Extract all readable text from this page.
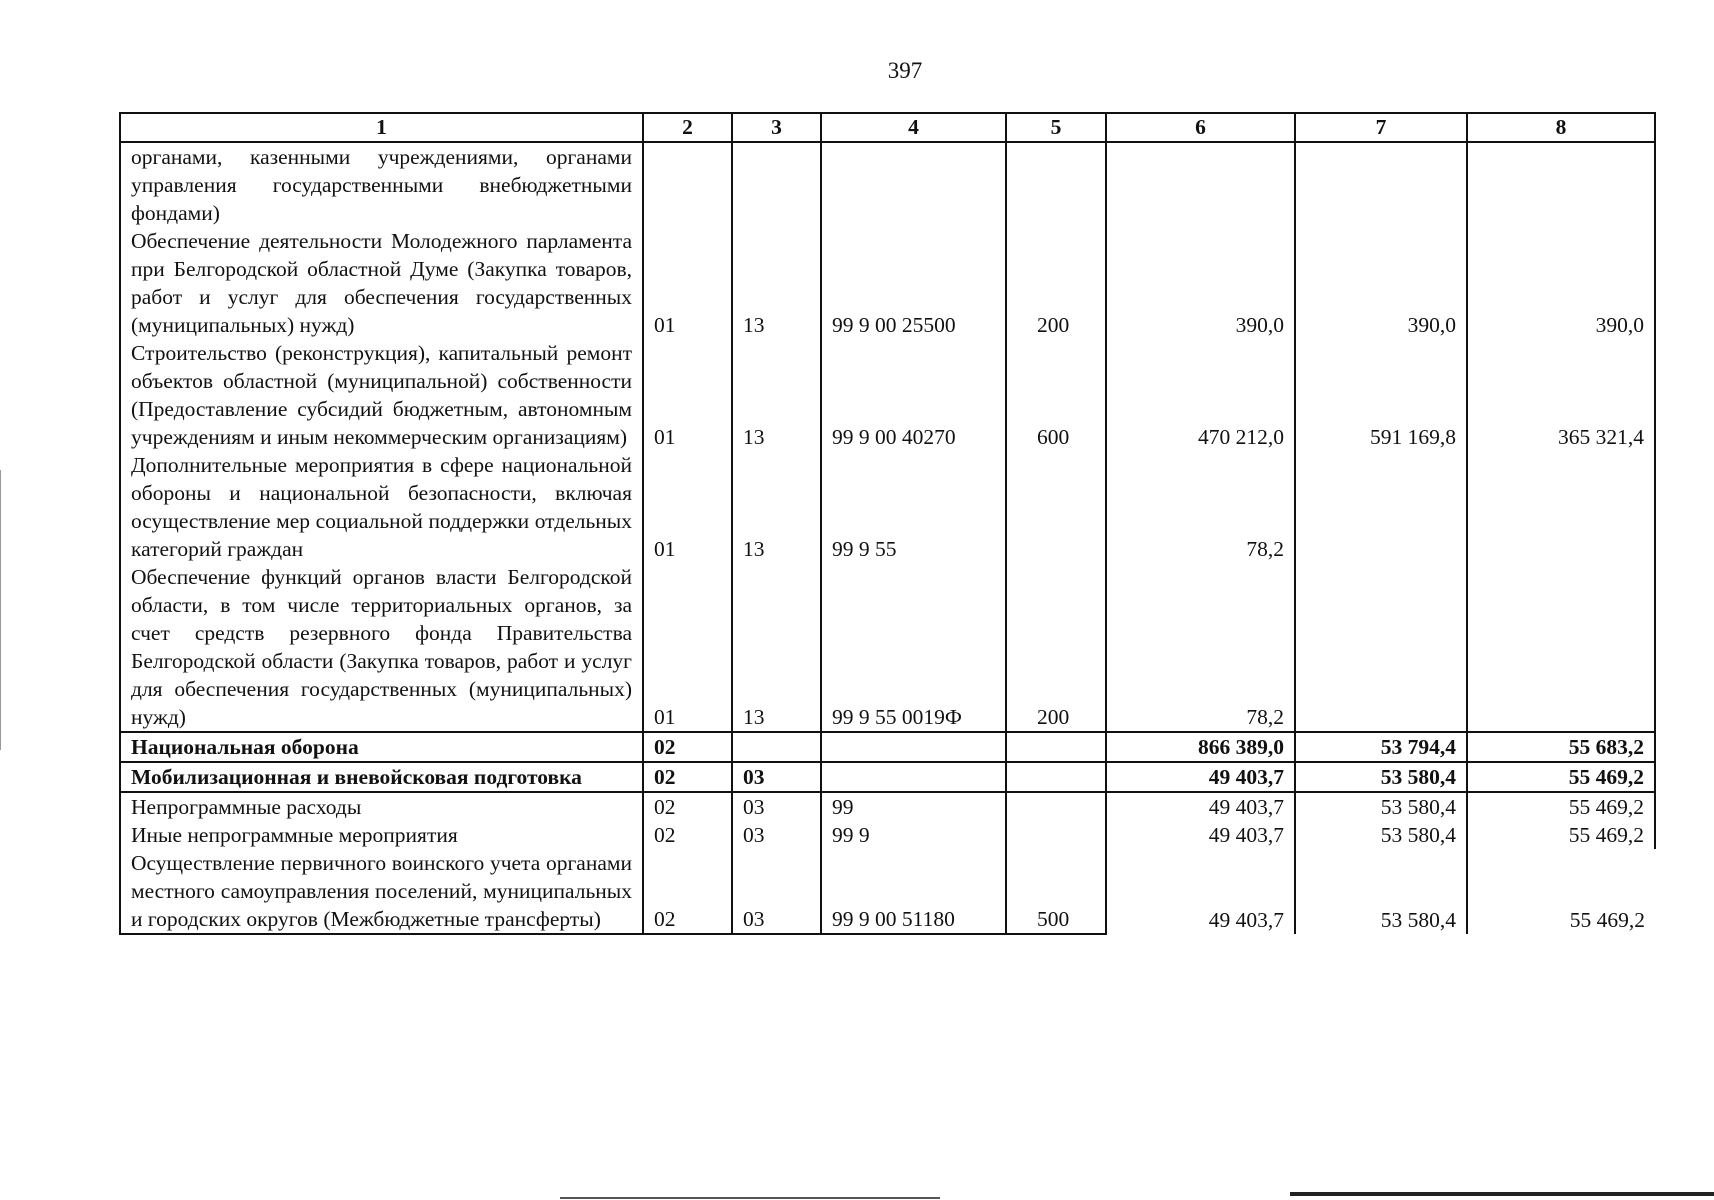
397
1	2	3	4	5	6	7	8
органами, казенными учреждениями, органами управления государственными внебюджетными фондами)							
Обеспечение деятельности Молодежного парламента при Белгородской областной Думе (Закупка товаров, работ и услуг для обеспечения государственных (муниципальных) нужд)	01	13	99 9 00 25500	200	390,0	390,0	390,0
Строительство (реконструкция), капитальный ремонт объектов областной (муниципальной) собственности (Предоставление субсидий бюджетным, автономным учреждениям и иным некоммерческим организациям)	01	13	99 9 00 40270	600	470 212,0	591 169,8	365 321,4
Дополнительные мероприятия в сфере национальной обороны и национальной безопасности, включая осуществление мер социальной поддержки отдельных категорий граждан	01	13	99 9 55		78,2		
Обеспечение функций органов власти Белгородской области, в том числе территориальных органов, за счет средств резервного фонда Правительства Белгородской области (Закупка товаров, работ и услуг для обеспечения государственных (муниципальных) нужд)	01	13	99 9 55 0019Ф	200	78,2		
Национальная оборона	02				866 389,0	53 794,4	55 683,2
Мобилизационная и вневойсковая подготовка	02	03			49 403,7	53 580,4	55 469,2
Непрограммные расходы	02	03	99		49 403,7	53 580,4	55 469,2
Иные непрограммные мероприятия	02	03	99 9		49 403,7	53 580,4	55 469,2
Осуществление первичного воинского учета органами местного самоуправления поселений, муниципальных и городских округов (Межбюджетные трансферты)	02	03	99 9 00 51180	500	49 403,7	53 580,4	55 469,2
